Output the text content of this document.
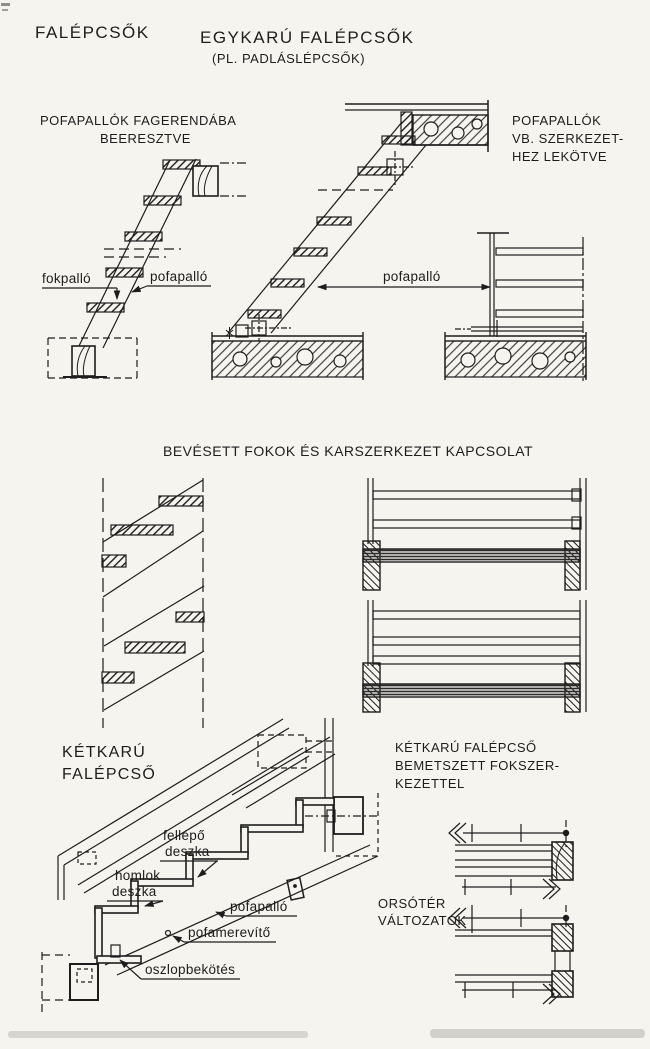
FALÉPCSŐK	EGYKARÚ FALÉPCSŐK
(PL. PADLÁSLÉPCSŐK)
POFAPALLÓK FAGERENDÁBA
BEERESZTVE
POFAPALLÓK
VB. SZERKEZET-
HEZ LEKÖTVE
fokpalló	pofapalló	pofapalló
BEVÉSETT FOKOK ÉS KARSZERKEZET KAPCSOLAT
KÉTKARÚ
FALÉPCSŐ
KÉTKARÚ FALÉPCSŐ
BEMETSZETT FOKSZER-
KEZETTEL
fellépő
deszka
homlok
deszka
pofapalló
pofamerevítő
oszlopbekötés
ORSÓTÉR
VÁLTOZATOK
